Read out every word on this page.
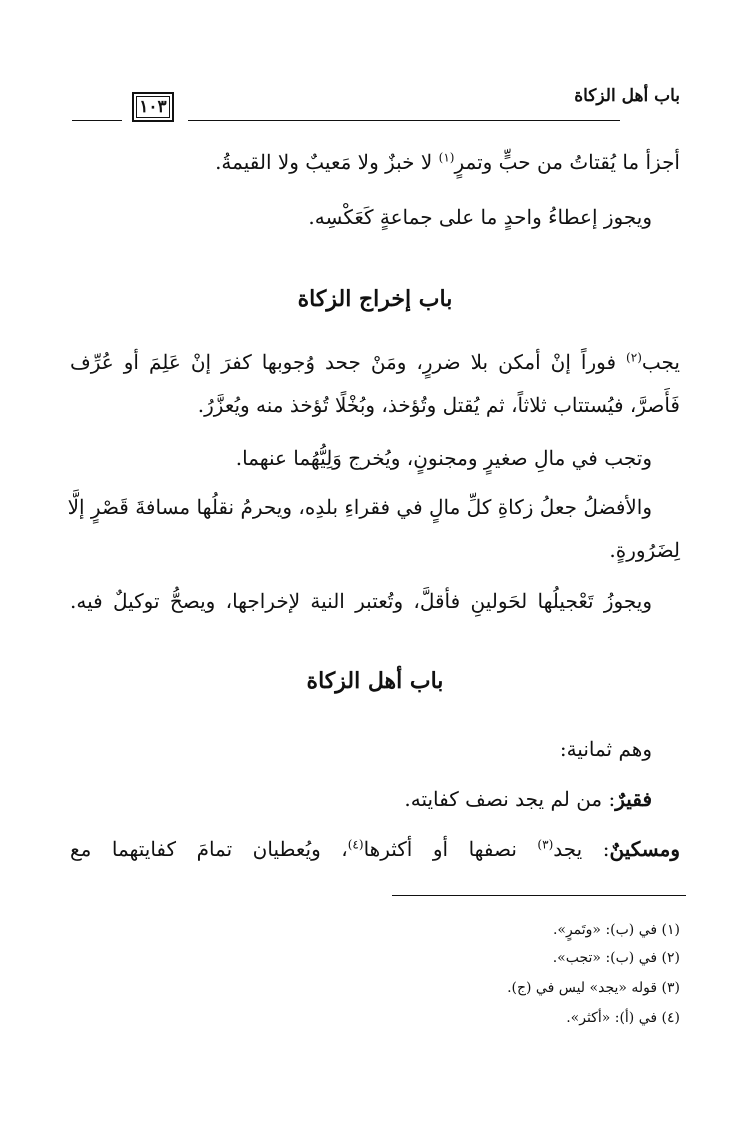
باب أهل الزكاة
١٠٣
أجزأ ما يُقتاتُ من حبٍّ وتمرٍ$^{(١)}$ لا خبزٌ ولا مَعيبٌ ولا القيمةُ.
ويجوز إعطاءُ واحدٍ ما على جماعةٍ كَعَكْسِه.
باب إخراج الزكاة
يجب$^{(٢)}$ فوراً إنْ أمكن بلا ضررٍ، ومَنْ جحد وُجوبها كفرَ إنْ عَلِمَ أو عُرِّف
فَأَصرَّ، فيُستتاب ثلاثاً، ثم يُقتل وتُؤخذ، وبُخْلًا تُؤخذ منه ويُعزَّرُ.
وتجب في مالِ صغيرٍ ومجنونٍ، ويُخرج وَلِيُّهُما عنهما.
والأفضلُ جعلُ زكاةِ كلِّ مالٍ في فقراءِ بلدِه، ويحرمُ نقلُها مسافةَ قَصْرٍ إلَّا
لِضَرُورةٍ.
ويجوزُ تَعْجيلُها لحَولينِ فأقلَّ، وتُعتبر النية لإخراجها، ويصحُّ توكيلٌ فيه.
باب أهل الزكاة
وهم ثمانية:
فقيرٌ: من لم يجد نصف كفايته.
ومسكينٌ: يجد$^{(٣)}$ نصفها أو أكثرها$^{(٤)}$، ويُعطيان تمامَ كفايتهما مع
(١) في (ب): «وتَمرٍ».
(٢) في (ب): «تجب».
(٣) قوله «يجد» ليس في (ج).
(٤) في (أ): «أكثر».
